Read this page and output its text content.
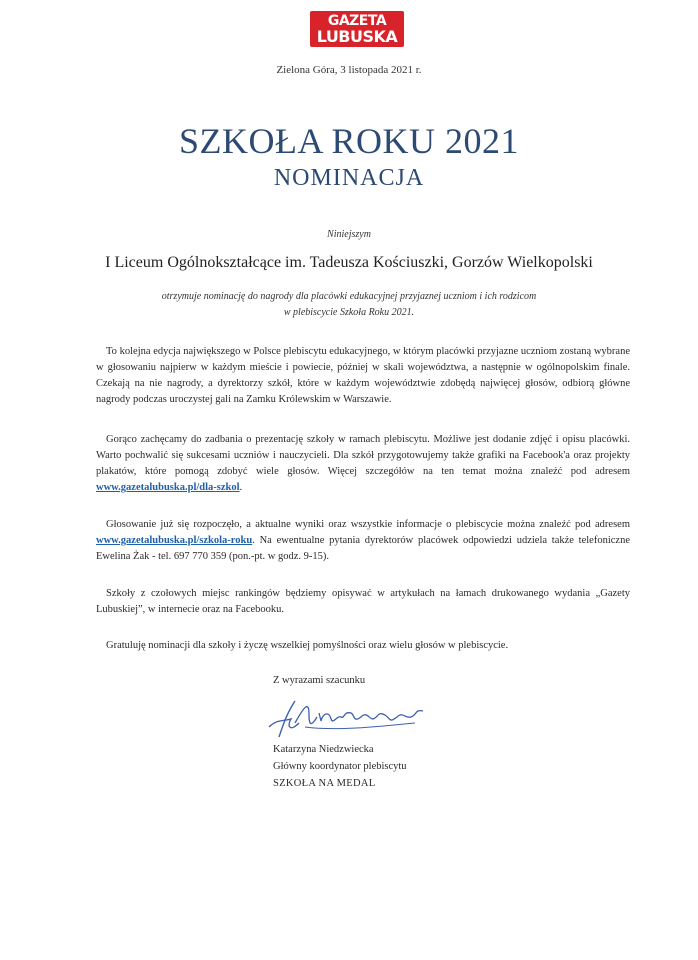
GAZETA
LUBUSKA
Zielona Góra, 3 listopada 2021 r.
SZKOŁA ROKU 2021
NOMINACJA
Niniejszym
I Liceum Ogólnokształcące im. Tadeusza Kościuszki, Gorzów Wielkopolski
otrzymuje nominację do nagrody dla placówki edukacyjnej przyjaznej uczniom i ich rodzicom
w plebiscycie Szkoła Roku 2021.
To kolejna edycja największego w Polsce plebiscytu edukacyjnego, w którym placówki przyjazne uczniom zostaną wybrane w głosowaniu najpierw w każdym mieście i powiecie, później w skali województwa, a następnie w ogólnopolskim finale. Czekają na nie nagrody, a dyrektorzy szkół, które w każdym województwie zdobędą najwięcej głosów, odbiorą główne nagrody podczas uroczystej gali na Zamku Królewskim w Warszawie.
Gorąco zachęcamy do zadbania o prezentację szkoły w ramach plebiscytu. Możliwe jest dodanie zdjęć i opisu placówki. Warto pochwalić się sukcesami uczniów i nauczycieli. Dla szkół przygotowujemy także grafiki na Facebook'a oraz projekty plakatów, które pomogą zdobyć wiele głosów. Więcej szczegółów na ten temat można znaleźć pod adresem www.gazetalubuska.pl/dla-szkol.
Głosowanie już się rozpoczęło, a aktualne wyniki oraz wszystkie informacje o plebiscycie można znaleźć pod adresem www.gazetalubuska.pl/szkola-roku. Na ewentualne pytania dyrektorów placówek odpowiedzi udziela także telefoniczne Ewelina Żak - tel. 697 770 359 (pon.-pt. w godz. 9-15).
Szkoły z czołowych miejsc rankingów będziemy opisywać w artykułach na łamach drukowanego wydania „Gazety Lubuskiej”, w internecie oraz na Facebooku.
Gratuluję nominacji dla szkoły i życzę wszelkiej pomyślności oraz wielu głosów w plebiscycie.
Z wyrazami szacunku
Katarzyna Niedzwiecka
Główny koordynator plebiscytu
SZKOŁA NA MEDAL
